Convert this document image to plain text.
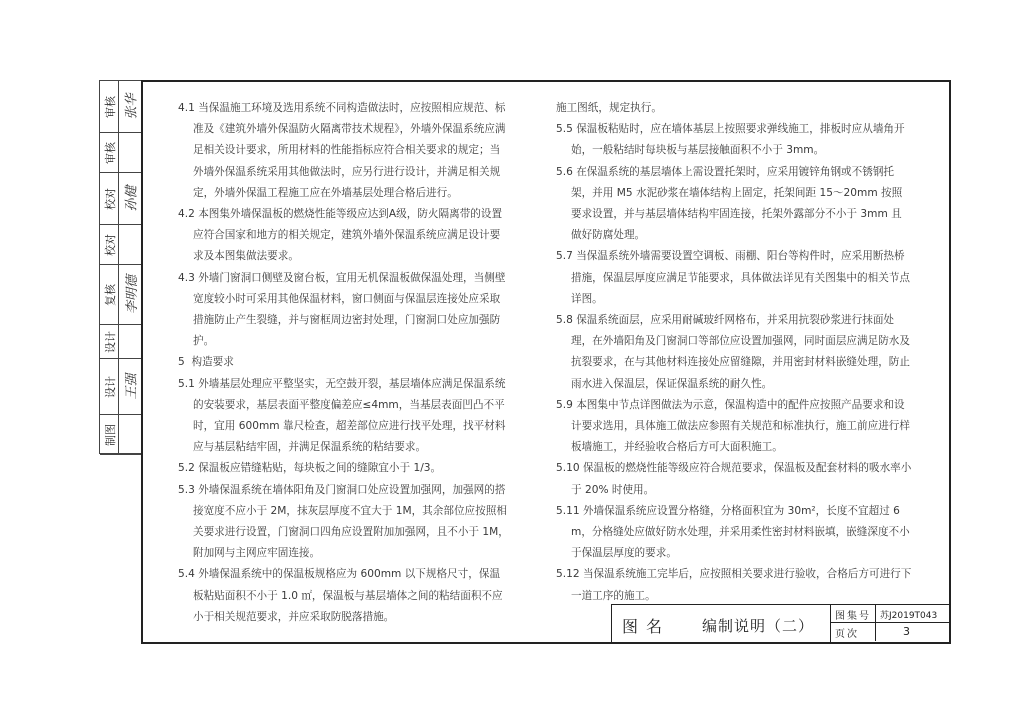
审核 张华
审核
校对 孙健
校对
复核 李明德
设计
设计 王强
制图

4.1 当保温施工环境及选用系统不同构造做法时，应按照相应规范、标准及《建筑外墙外保温防火隔离带技术规程》，外墙外保温系统应满足相关设计要求，所用材料的性能指标应符合相关要求的规定；当外墙外保温系统采用其他做法时，应另行进行设计，并满足相关规定，外墙外保温工程施工应在外墙基层处理合格后进行。

4.2 本图集外墙保温板的燃烧性能等级应达到A级，防火隔离带的设置应符合国家和地方的相关规定，建筑外墙外保温系统应满足设计要求及本图集做法要求。

4.3 外墙门窗洞口侧壁及窗台板，宜用无机保温板做保温处理，当侧壁宽度较小时可采用其他保温材料，窗口侧面与保温层连接处应采取措施防止产生裂缝，并与窗框周边密封处理，门窗洞口处应加强防护。

5  构造要求

5.1 外墙基层处理应平整坚实，无空鼓开裂，基层墙体应满足保温系统的安装要求，基层表面平整度偏差应≤4mm，当基层表面凹凸不平时，宜用 600mm 靠尺检查，超差部位应进行找平处理，找平材料应与基层粘结牢固，并满足保温系统的粘结要求。

5.2 保温板应错缝粘贴，每块板之间的缝隙宜小于 1/3。

5.3 外墙保温系统在墙体阳角及门窗洞口处应设置加强网，加强网的搭接宽度不应小于 2M，抹灰层厚度不宜大于 1M，其余部位应按照相关要求进行设置，门窗洞口四角应设置附加加强网，且不小于 1M，附加网与主网应牢固连接。

5.4 外墙保温系统中的保温板规格应为 600mm 以下规格尺寸，保温板粘贴面积不小于 1.0 ㎡，保温板与基层墙体之间的粘结面积不应小于相关规范要求，并应采取防脱落措施。

施工图纸，规定执行。

5.5 保温板粘贴时，应在墙体基层上按照要求弹线施工，排板时应从墙角开始，一般粘结时每块板与基层接触面积不小于 3mm。

5.6 在保温系统的基层墙体上需设置托架时，应采用镀锌角钢或不锈钢托架，并用 M5 水泥砂浆在墙体结构上固定，托架间距 15～20mm 按照要求设置，并与基层墙体结构牢固连接，托架外露部分不小于 3mm 且做好防腐处理。

5.7 当保温系统外墙需要设置空调板、雨棚、阳台等构件时，应采用断热桥措施，保温层厚度应满足节能要求，具体做法详见有关图集中的相关节点详图。

5.8 保温系统面层，应采用耐碱玻纤网格布，并采用抗裂砂浆进行抹面处理，在外墙阳角及门窗洞口等部位应设置加强网，同时面层应满足防水及抗裂要求，在与其他材料连接处应留缝隙，并用密封材料嵌缝处理，防止雨水进入保温层，保证保温系统的耐久性。

5.9 本图集中节点详图做法为示意，保温构造中的配件应按照产品要求和设计要求选用，具体施工做法应参照有关规范和标准执行，施工前应进行样板墙施工，并经验收合格后方可大面积施工。

5.10 保温板的燃烧性能等级应符合规范要求，保温板及配套材料的吸水率小于 20% 时使用。

5.11 外墙保温系统应设置分格缝，分格面积宜为 30m²，长度不宜超过 6m，分格缝处应做好防水处理，并采用柔性密封材料嵌填，嵌缝深度不小于保温层厚度的要求。

5.12 当保温系统施工完毕后，应按照相关要求进行验收，合格后方可进行下一道工序的施工。

图名 编制说明（二）
图集号 苏J2019T043
页次	3
